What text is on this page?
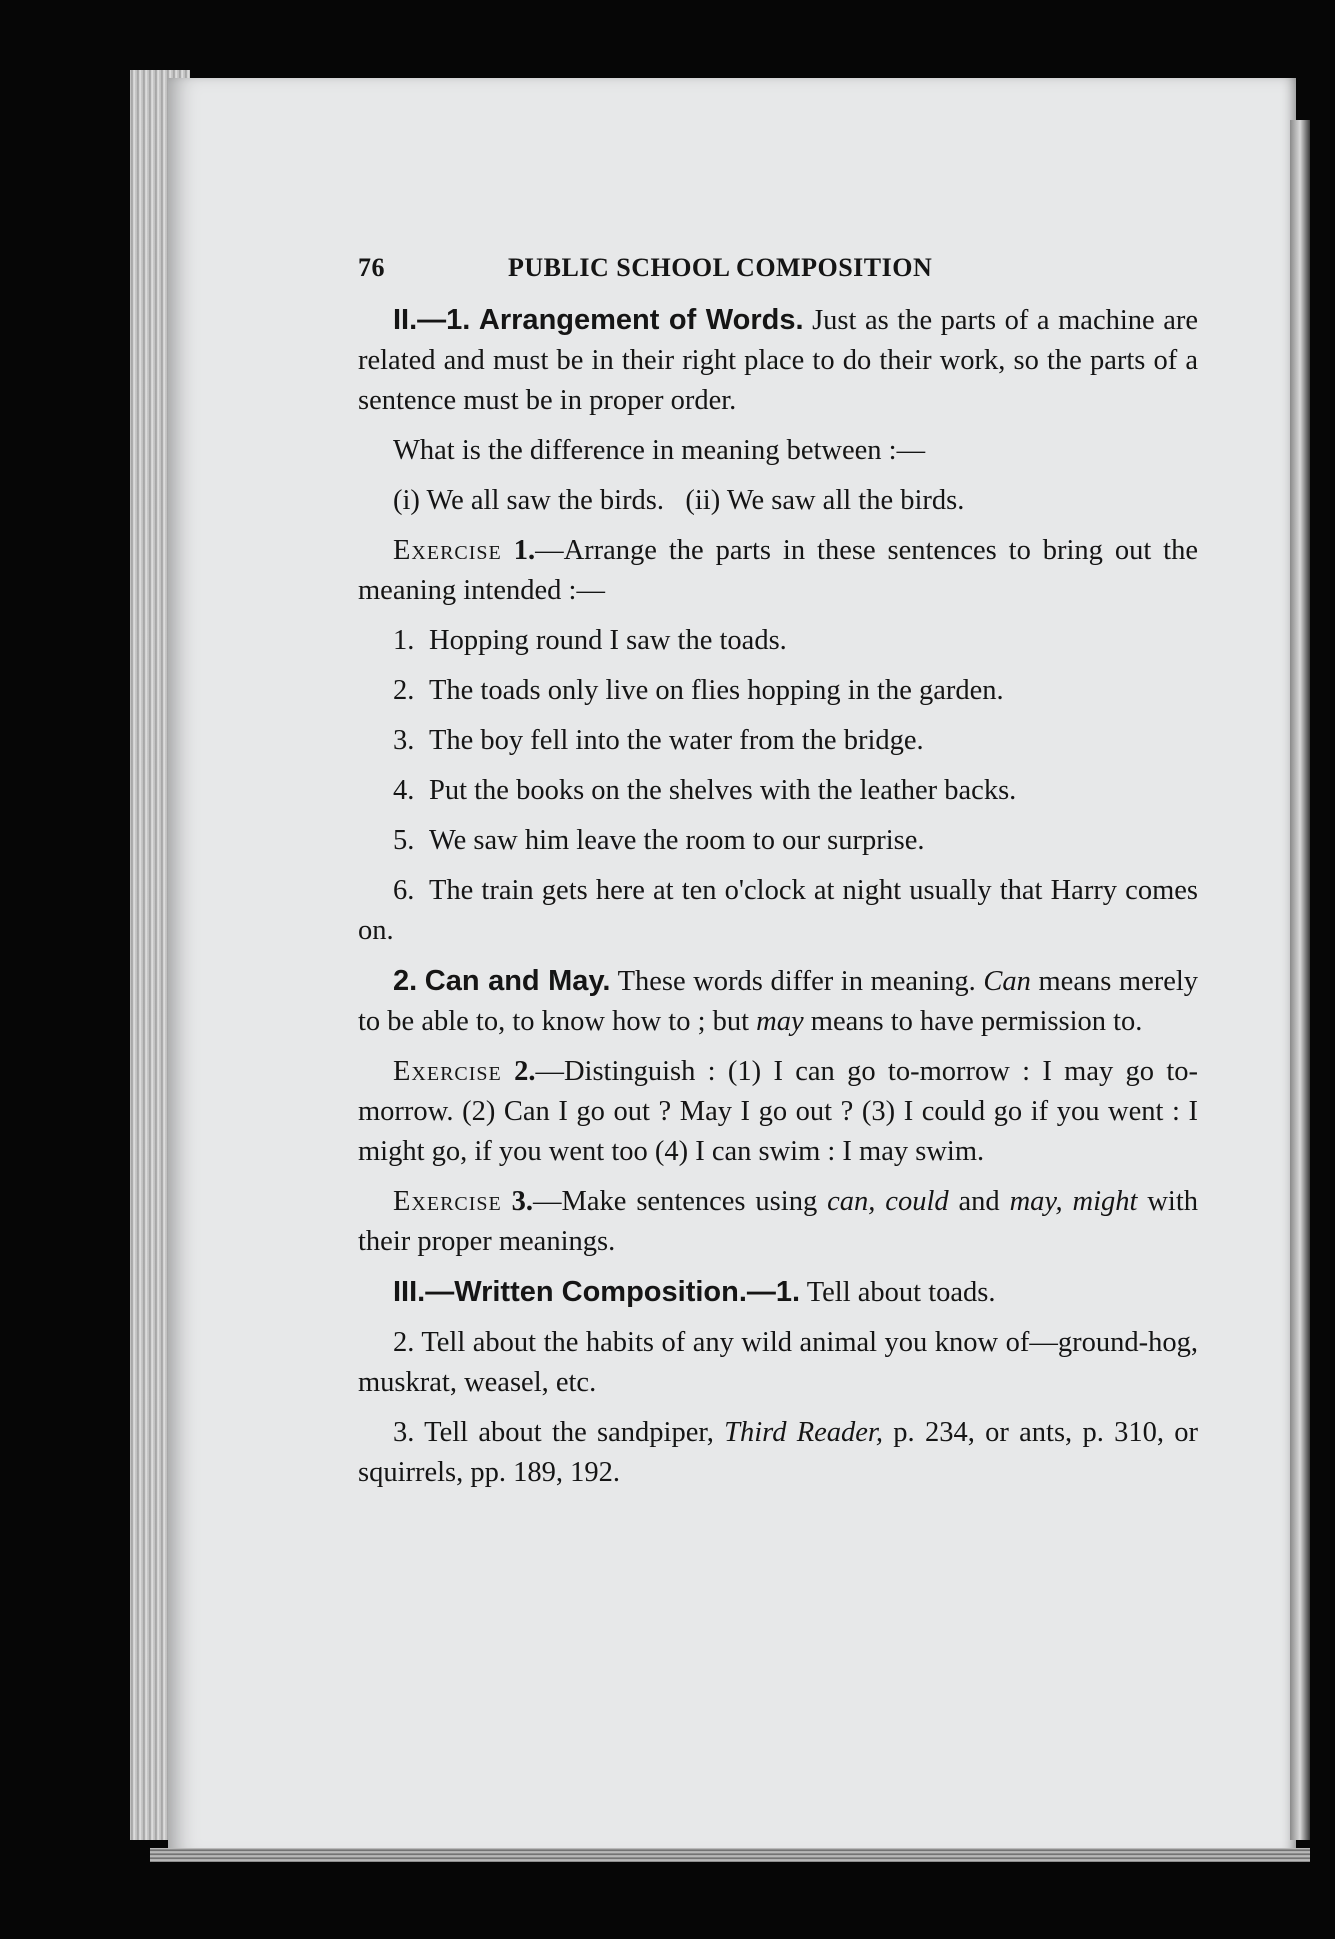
76	PUBLIC SCHOOL COMPOSITION

II.—1. Arrangement of Words. Just as the parts of a machine are related and must be in their right place to do their work, so the parts of a sentence must be in proper order.

What is the difference in meaning between :—

(i) We all saw the birds.   (ii) We saw all the birds.

Exercise 1.—Arrange the parts in these sentences to bring out the meaning intended :—

1. Hopping round I saw the toads.
2. The toads only live on flies hopping in the garden.
3. The boy fell into the water from the bridge.
4. Put the books on the shelves with the leather backs.
5. We saw him leave the room to our surprise.
6. The train gets here at ten o'clock at night usually that Harry comes on.

2. Can and May. These words differ in meaning. Can means merely to be able to, to know how to ; but may means to have permission to.

Exercise 2.—Distinguish : (1) I can go to-morrow : I may go to-morrow. (2) Can I go out ? May I go out ? (3) I could go if you went : I might go, if you went too (4) I can swim : I may swim.

Exercise 3.—Make sentences using can, could and may, might with their proper meanings.

III.—Written Composition.—1. Tell about toads.

2. Tell about the habits of any wild animal you know of—ground-hog, muskrat, weasel, etc.

3. Tell about the sandpiper, Third Reader, p. 234, or ants, p. 310, or squirrels, pp. 189, 192.
